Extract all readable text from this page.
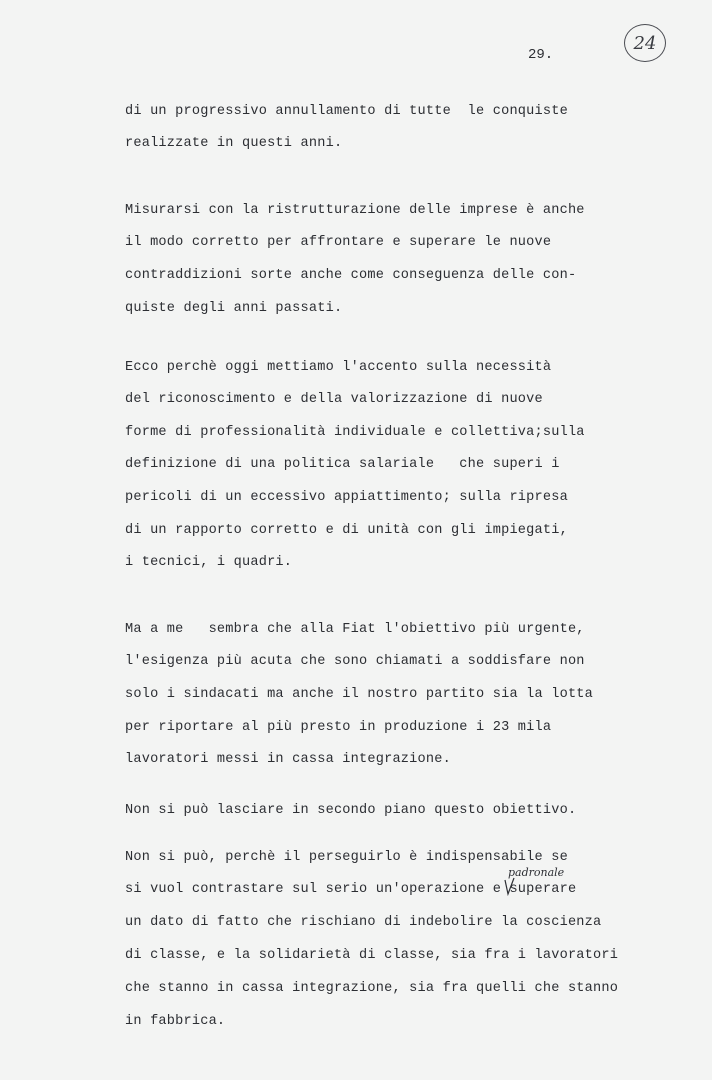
29.
24
di un progressivo annullamento di tutte  le conquiste
realizzate in questi anni.
Misurarsi con la ristrutturazione delle imprese è anche
il modo corretto per affrontare e superare le nuove
contraddizioni sorte anche come conseguenza delle con-
quiste degli anni passati.
Ecco perchè oggi mettiamo l'accento sulla necessità
del riconoscimento e della valorizzazione di nuove
forme di professionalità individuale e collettiva;sulla
definizione di una politica salariale   che superi i
pericoli di un eccessivo appiattimento; sulla ripresa
di un rapporto corretto e di unità con gli impiegati,
i tecnici, i quadri.
Ma a me   sembra che alla Fiat l'obiettivo più urgente,
l'esigenza più acuta che sono chiamati a soddisfare non
solo i sindacati ma anche il nostro partito sia la lotta
per riportare al più presto in produzione i 23 mila
lavoratori messi in cassa integrazione.
Non si può lasciare in secondo piano questo obiettivo.
Non si può, perchè il perseguirlo è indispensabile se
si vuol contrastare sul serio un'operazione e superare
un dato di fatto che rischiano di indebolire la coscienza
di classe, e la solidarietà di classe, sia fra i lavoratori
che stanno in cassa integrazione, sia fra quelli che stanno
in fabbrica.
padronale
